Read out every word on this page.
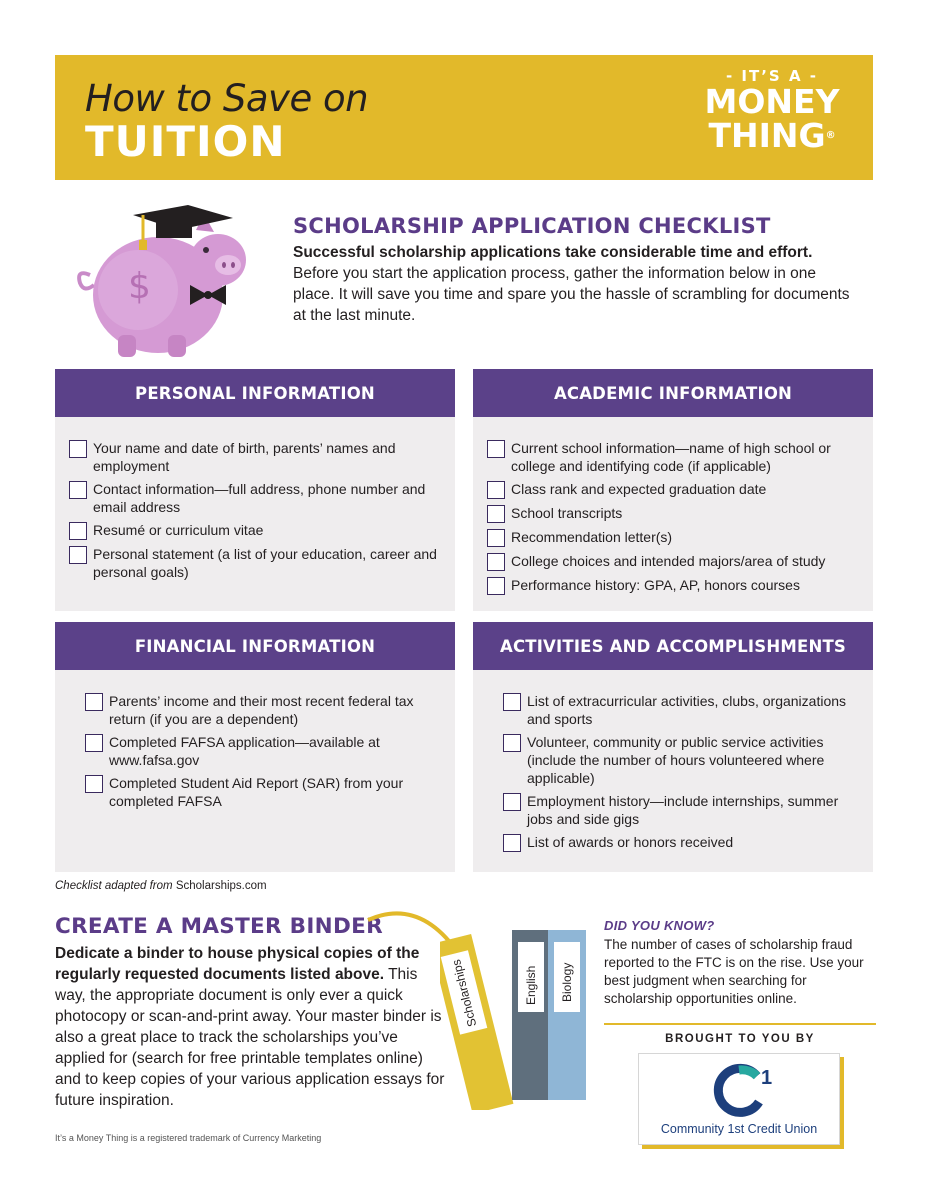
How to Save on
TUITION
- IT’S A -
MONEY
THING®
$
SCHOLARSHIP APPLICATION CHECKLIST

Successful scholarship applications take considerable time and effort.
Before you start the application process, gather the information below in one place. It will save you time and spare you the hassle of scrambling for documents at the last minute.

PERSONAL INFORMATION
Your name and date of birth, parents’ names and employment
Contact information—full address, phone number and email address
Resumé or curriculum vitae
Personal statement (a list of your education, career and personal goals)
ACADEMIC INFORMATION
Current school information—name of high school or college and identifying code (if applicable)
Class rank and expected graduation date
School transcripts
Recommendation letter(s)
College choices and intended majors/area of study
Performance history: GPA, AP, honors courses
FINANCIAL INFORMATION
Parents’ income and their most recent federal tax return (if you are a dependent)
Completed FAFSA application—available at www.fafsa.gov
Completed Student Aid Report (SAR) from your completed FAFSA
ACTIVITIES AND ACCOMPLISHMENTS
List of extracurricular activities, clubs, organizations and sports
Volunteer, community or public service activities (include the number of hours volunteered where applicable)
Employment history—include internships, summer jobs and side gigs
List of awards or honors received
Checklist adapted from Scholarships.com
CREATE A MASTER BINDER

Dedicate a binder to house physical copies of the regularly requested documents listed above. This way, the appropriate document is only ever a quick photocopy or scan-and-print away. Your master binder is also a great place to track the scholarships you’ve applied for (search for free printable templates online) and to keep copies of your various application essays for future inspiration.

Scholarships	English Biology
DID YOU KNOW?

The number of cases of scholarship fraud reported to the FTC is on the rise. Use your best judgment when searching for scholarship opportunities online.

BROUGHT TO YOU BY
1
Community 1st Credit Union
It’s a Money Thing is a registered trademark of Currency Marketing
